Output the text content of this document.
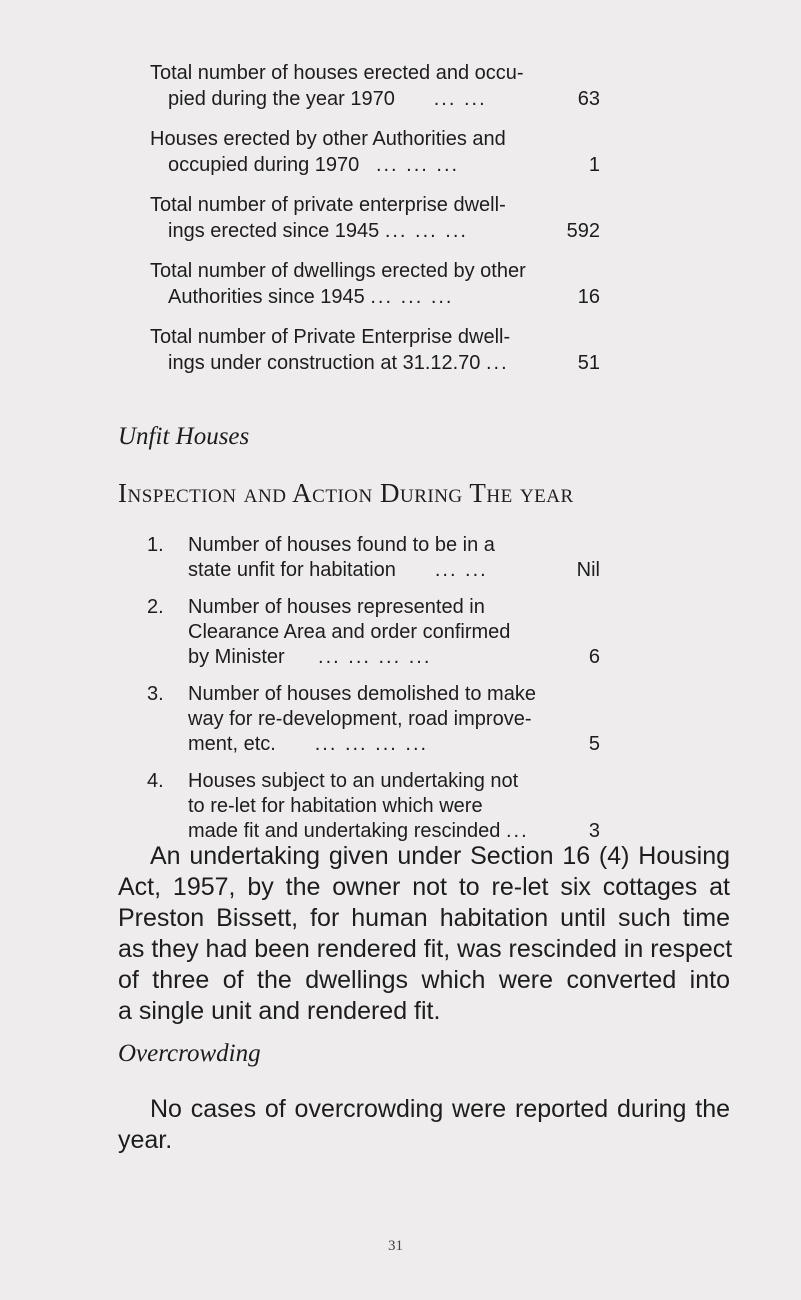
Total number of houses erected and occu-
pied during the year 1970 ... ...	63
Houses erected by other Authorities and
occupied during 1970 ... ... ...	1
Total number of private enterprise dwell-
ings erected since 1945 ... ... ...	592
Total number of dwellings erected by other
Authorities since 1945 ... ... ...	16
Total number of Private Enterprise dwell-
ings under construction at 31.12.70 ...	51
Unfit Houses
Inspection and Action During The year
1. Number of houses found to be in a
state unfit for habitation ... ...	Nil
2. Number of houses represented in
Clearance Area and order confirmed
by Minister ... ... ... ...	6
3. Number of houses demolished to make
way for re-development, road improve-
ment, etc. ... ... ... ...	5
4. Houses subject to an undertaking not
to re-let for habitation which were
made fit and undertaking rescinded ...	3

An undertaking given under Section 16 (4) Housing
Act, 1957, by the owner not to re-let six cottages at
Preston Bissett, for human habitation until such time
as they had been rendered fit, was rescinded in respect
of three of the dwellings which were converted into
a single unit and rendered fit.

Overcrowding

No cases of overcrowding were reported during the
year.

31
